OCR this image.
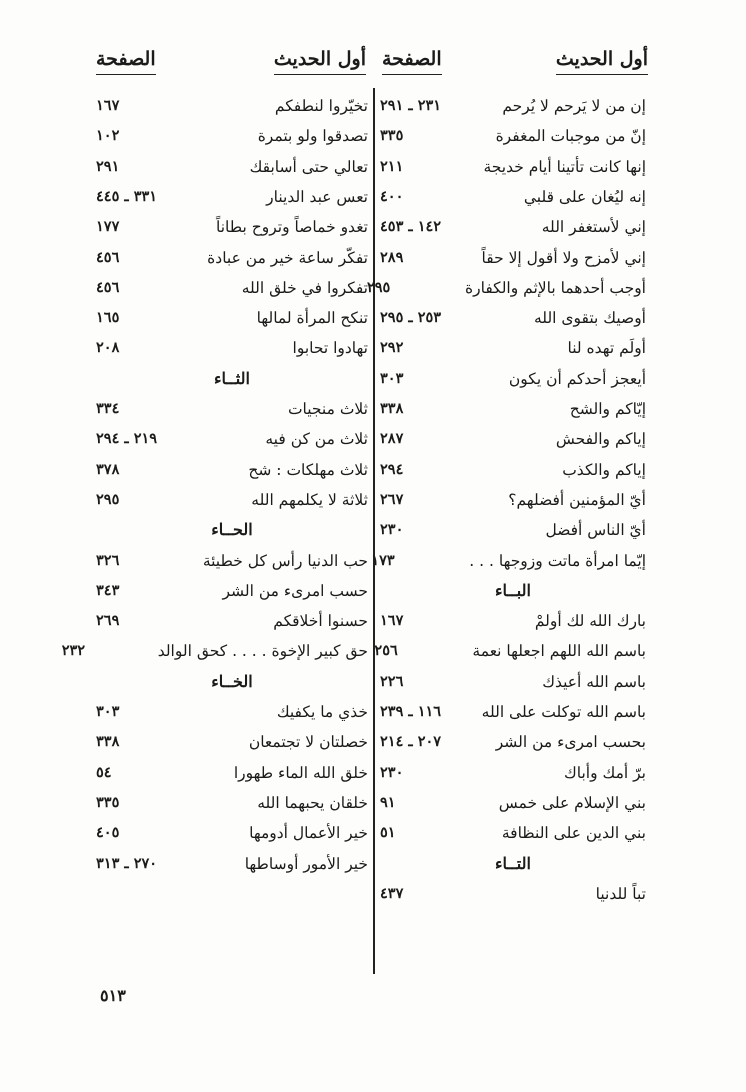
أول الحديث
الصفحة
أول الحديث
الصفحة
إن من لا يَرحم لا يُرحم
٢٣١ ـ ٢٩١
إنّ من موجبات المغفرة
٣٣٥
إنها كانت تأتينا أيام خديجة
٢١١
إنه ليُغان على قلبي
٤٠٠
إني لأستغفر الله
١٤٢ ـ ٤٥٣
إني لأمزح ولا أقول إلا حقاً
٢٨٩
أوجب أحدهما بالإثم والكفارة
٢٩٥
أوصيك بتقوى الله
٢٥٣ ـ ٢٩٥
أولَم تهده لنا
٢٩٢
أيعجز أحدكم أن يكون
٣٠٣
إيّاكم والشح
٣٣٨
إياكم والفحش
٢٨٧
إياكم والكذب
٢٩٤
أيّ المؤمنين أفضلهم؟
٢٦٧
أيّ الناس أفضل
٢٣٠
إيّما امرأة ماتت وزوجها . . .
١٧٣
البــاء
بارك الله لك أولمْ
١٦٧
باسم الله اللهم اجعلها نعمة
٢٥٦
باسم الله أعيذك
٢٢٦
باسم الله توكلت على الله
١١٦ ـ ٢٣٩
بحسب امرىء من الشر
٢٠٧ ـ ٢١٤
برّ أمك وأباك
٢٣٠
بني الإسلام على خمس
٩١
بني الدين على النظافة
٥١
التــاء
تباً للدنيا
٤٣٧
تخيّروا لنطفكم
١٦٧
تصدقوا ولو بتمرة
١٠٢
تعالي حتى أسابقك
٢٩١
تعس عبد الدينار
٣٣١ ـ ٤٤٥
تغدو خماصاً وتروح بطاناً
١٧٧
تفكّر ساعة خير من عبادة
٤٥٦
تفكروا في خلق الله
٤٥٦
تنكح المرأة لمالها
١٦٥
تهادوا تحابوا
٢٠٨
الثــاء
ثلاث منجيات
٣٣٤
ثلاث من كن فيه
٢١٩ ـ ٢٩٤
ثلاث مهلكات : شح
٣٧٨
ثلاثة لا يكلمهم الله
٢٩٥
الحــاء
حب الدنيا رأس كل خطيئة
٣٢٦
حسب امرىء من الشر
٣٤٣
حسنوا أخلاقكم
٢٦٩
حق كبير الإخوة . . . . كحق الوالد
٢٣٢
الخــاء
خذي ما يكفيك
٣٠٣
خصلتان لا تجتمعان
٣٣٨
خلق الله الماء طهورا
٥٤
خلقان يحبهما الله
٣٣٥
خير الأعمال أدومها
٤٠٥
خير الأمور أوساطها
٢٧٠ ـ ٣١٣
٥١٣
